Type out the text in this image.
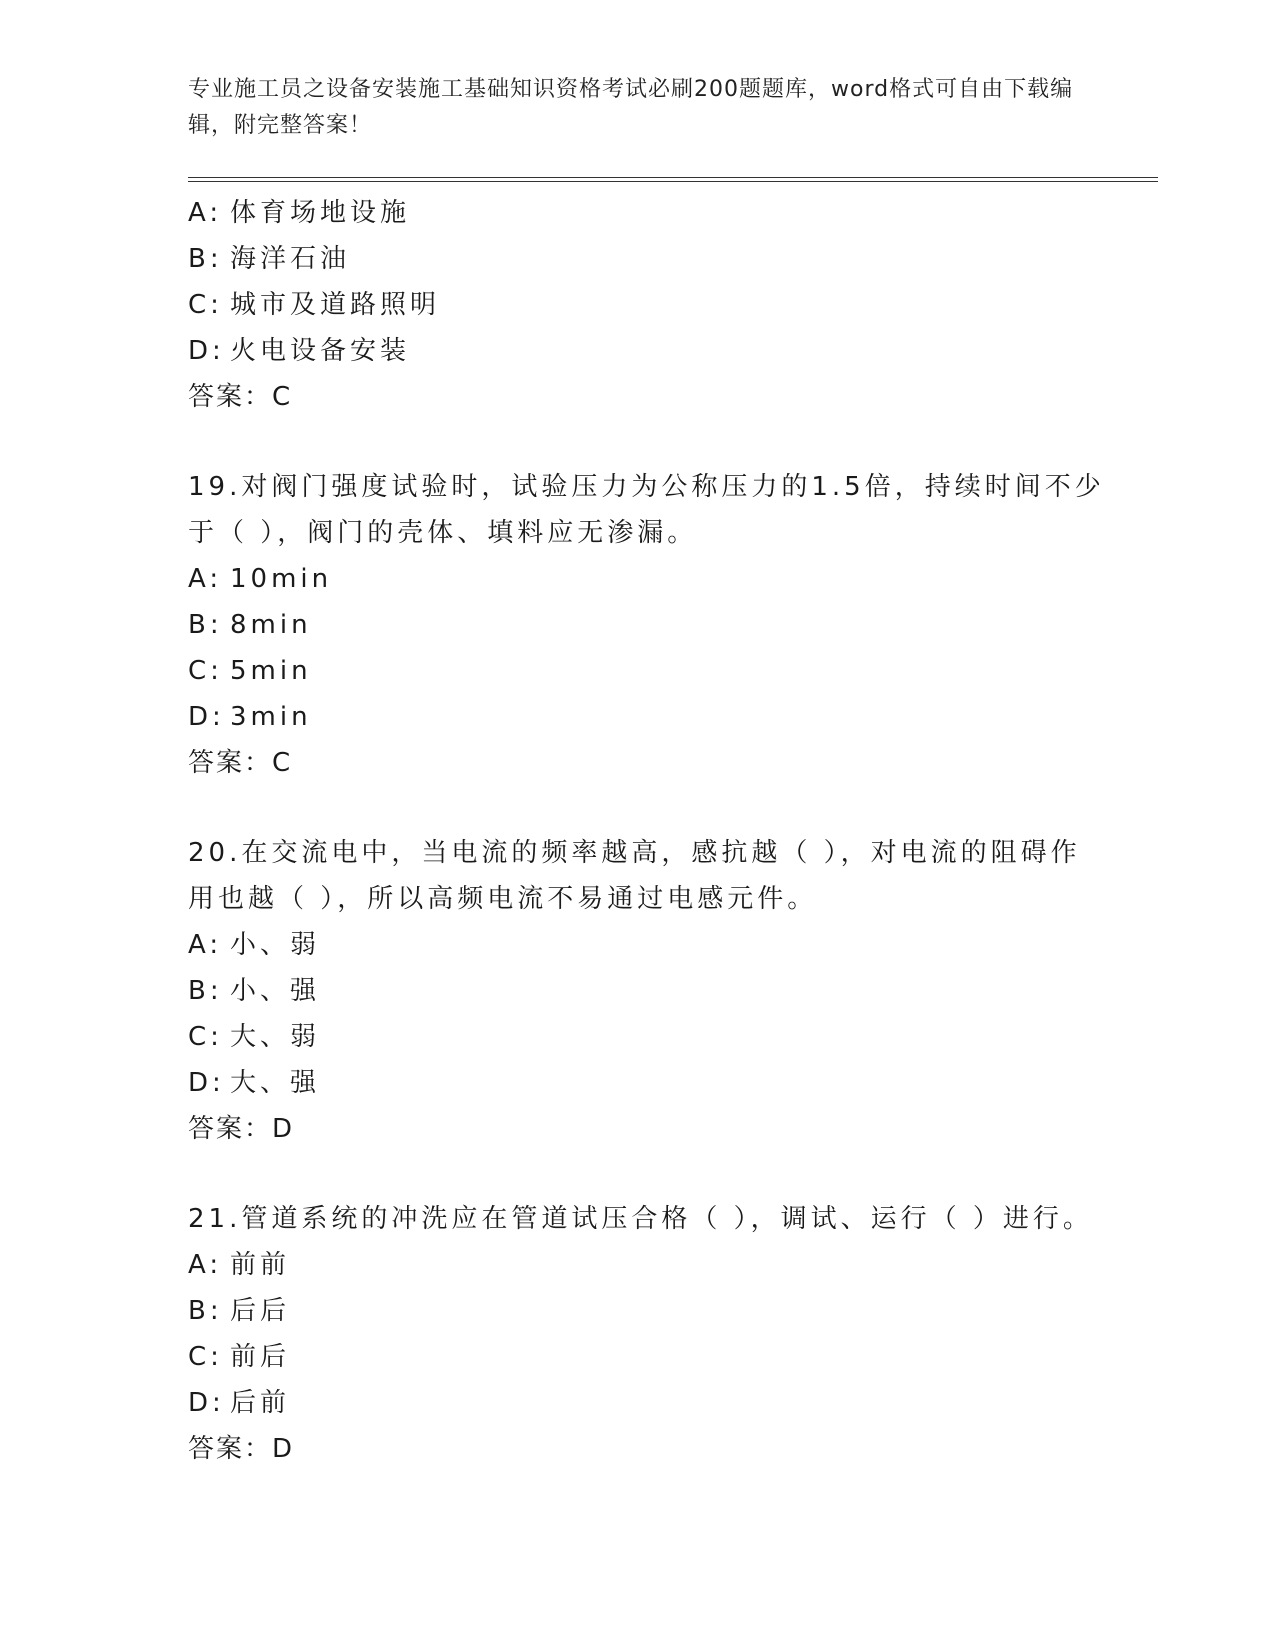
专业施工员之设备安装施工基础知识资格考试必刷200题题库，word格式可自由下载编辑，附完整答案！
A: 体育场地设施
B: 海洋石油
C: 城市及道路照明
D: 火电设备安装
答案：C
19.对阀门强度试验时，试验压力为公称压力的1.5倍，持续时间不少于（ ），阀门的壳体、填料应无渗漏。
A: 10min
B: 8min
C: 5min
D: 3min
答案：C
20.在交流电中，当电流的频率越高，感抗越（ ），对电流的阻碍作用也越（ ），所以高频电流不易通过电感元件。
A: 小、弱
B: 小、强
C: 大、弱
D: 大、强
答案：D
21.管道系统的冲洗应在管道试压合格（ ），调试、运行（ ）进行。
A: 前前
B: 后后
C: 前后
D: 后前
答案：D
